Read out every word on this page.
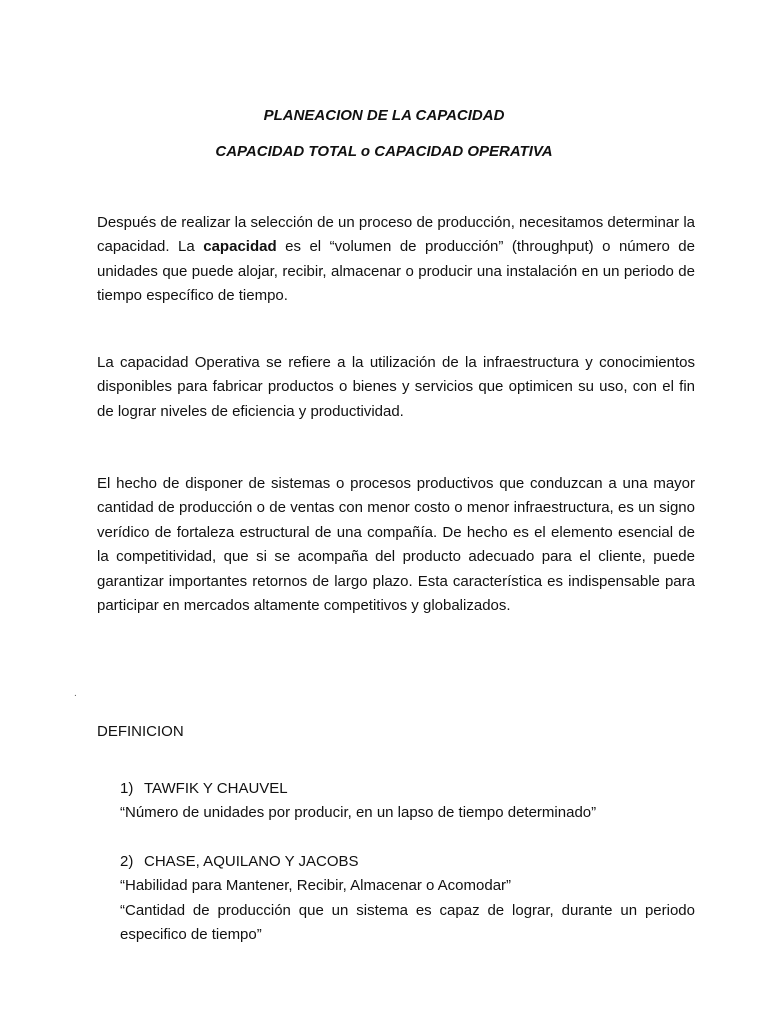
PLANEACION DE LA CAPACIDAD
CAPACIDAD TOTAL o CAPACIDAD OPERATIVA

Después de realizar la selección de un proceso de producción, necesitamos determinar la capacidad. La capacidad es el “volumen de producción” (throughput) o número de unidades que puede alojar, recibir, almacenar o producir una instalación en un periodo de tiempo específico de tiempo.

La capacidad Operativa se refiere a la utilización de la infraestructura y conocimientos disponibles para fabricar productos o bienes y servicios que optimicen su uso, con el fin de lograr niveles de eficiencia y productividad.

El hecho de disponer de sistemas o procesos productivos que conduzcan a una mayor cantidad de producción o de ventas con menor costo o menor infraestructura, es un signo verídico de fortaleza estructural de una compañía. De hecho es el elemento esencial de la competitividad, que si se acompaña del producto adecuado para el cliente, puede garantizar importantes retornos de largo plazo. Esta característica es indispensable para participar en mercados altamente competitivos y globalizados.

.

DEFINICION

1) TAWFIK Y CHAUVEL

“Número de unidades por producir, en un lapso de tiempo determinado”

2) CHASE, AQUILANO Y JACOBS

“Habilidad para Mantener, Recibir, Almacenar o Acomodar”

“Cantidad de producción que un sistema es capaz de lograr, durante un periodo especifico de tiempo”
